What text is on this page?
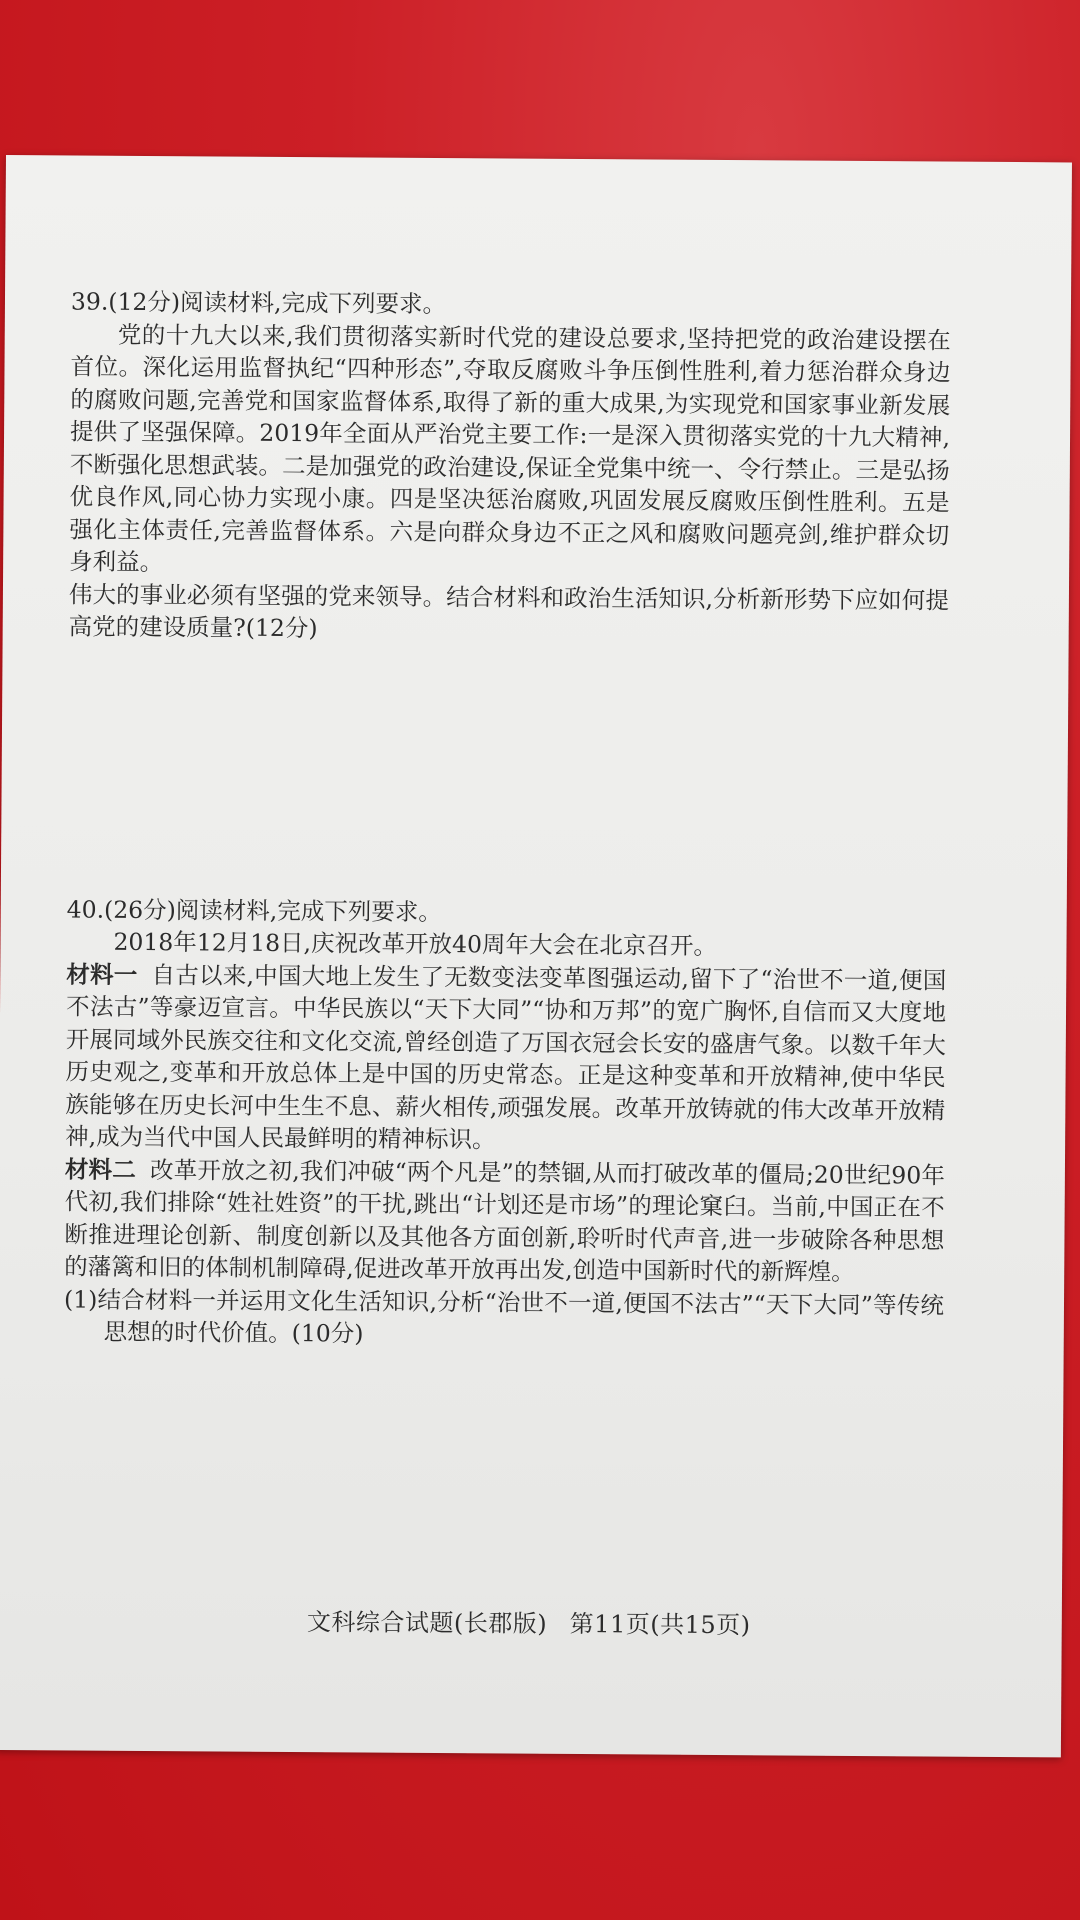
39.(12分)阅读材料,完成下列要求。

党的十九大以来,我们贯彻落实新时代党的建设总要求,坚持把党的政治建设摆在首位。深化运用监督执纪“四种形态”,夺取反腐败斗争压倒性胜利,着力惩治群众身边的腐败问题,完善党和国家监督体系,取得了新的重大成果,为实现党和国家事业新发展提供了坚强保障。2019年全面从严治党主要工作:一是深入贯彻落实党的十九大精神,不断强化思想武装。二是加强党的政治建设,保证全党集中统一、令行禁止。三是弘扬优良作风,同心协力实现小康。四是坚决惩治腐败,巩固发展反腐败压倒性胜利。五是强化主体责任,完善监督体系。六是向群众身边不正之风和腐败问题亮剑,维护群众切身利益。

伟大的事业必须有坚强的党来领导。结合材料和政治生活知识,分析新形势下应如何提高党的建设质量?(12分)

40.(26分)阅读材料,完成下列要求。

2018年12月18日,庆祝改革开放40周年大会在北京召开。

材料一 自古以来,中国大地上发生了无数变法变革图强运动,留下了“治世不一道,便国不法古”等豪迈宣言。中华民族以“天下大同”“协和万邦”的宽广胸怀,自信而又大度地开展同域外民族交往和文化交流,曾经创造了万国衣冠会长安的盛唐气象。以数千年大历史观之,变革和开放总体上是中国的历史常态。正是这种变革和开放精神,使中华民族能够在历史长河中生生不息、薪火相传,顽强发展。改革开放铸就的伟大改革开放精神,成为当代中国人民最鲜明的精神标识。

材料二 改革开放之初,我们冲破“两个凡是”的禁锢,从而打破改革的僵局;20世纪90年代初,我们排除“姓社姓资”的干扰,跳出“计划还是市场”的理论窠臼。当前,中国正在不断推进理论创新、制度创新以及其他各方面创新,聆听时代声音,进一步破除各种思想的藩篱和旧的体制机制障碍,促进改革开放再出发,创造中国新时代的新辉煌。

(1)结合材料一并运用文化生活知识,分析“治世不一道,便国不法古”“天下大同”等传统思想的时代价值。(10分)

文科综合试题(长郡版) 第11页(共15页)
